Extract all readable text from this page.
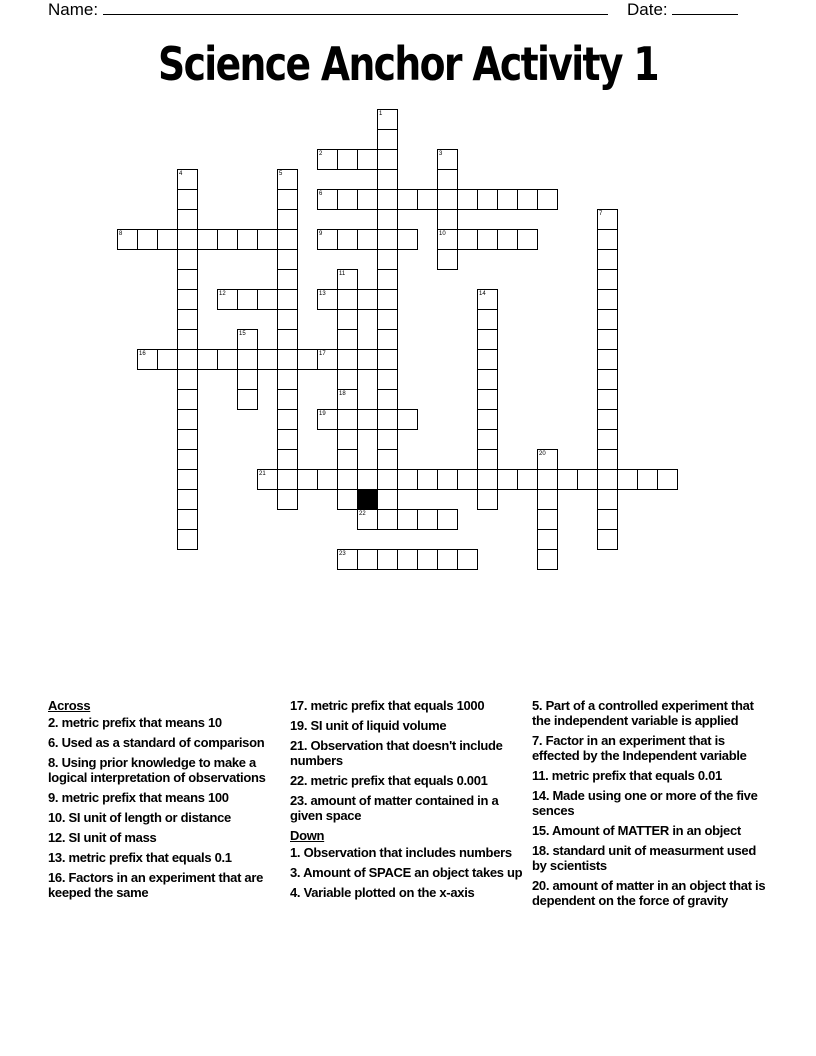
Name:	Date:
Science Anchor Activity 1
2
6
8	9	10
12	13
16	17
19
21
22
23
1
3
4	5
7
11
18
14
15
20
Across
2. metric prefix that means 10
6. Used as a standard of comparison
8. Using prior knowledge to make a logical interpretation of observations
9. metric prefix that means 100
10. SI unit of length or distance
12. SI unit of mass
13. metric prefix that equals 0.1
16. Factors in an experiment that are keeped the same
17. metric prefix that equals 1000
19. SI unit of liquid volume
21. Observation that doesn't include numbers
22. metric prefix that equals 0.001
23. amount of matter contained in a given space
Down
1. Observation that includes numbers
3. Amount of SPACE an object takes up
4. Variable plotted on the x-axis
5. Part of a controlled experiment that the independent variable is applied
7. Factor in an experiment that is effected by the Independent variable
11. metric prefix that equals 0.01
14. Made using one or more of the five sences
15. Amount of MATTER in an object
18. standard unit of measurment used by scientists
20. amount of matter in an object that is dependent on the force of gravity
